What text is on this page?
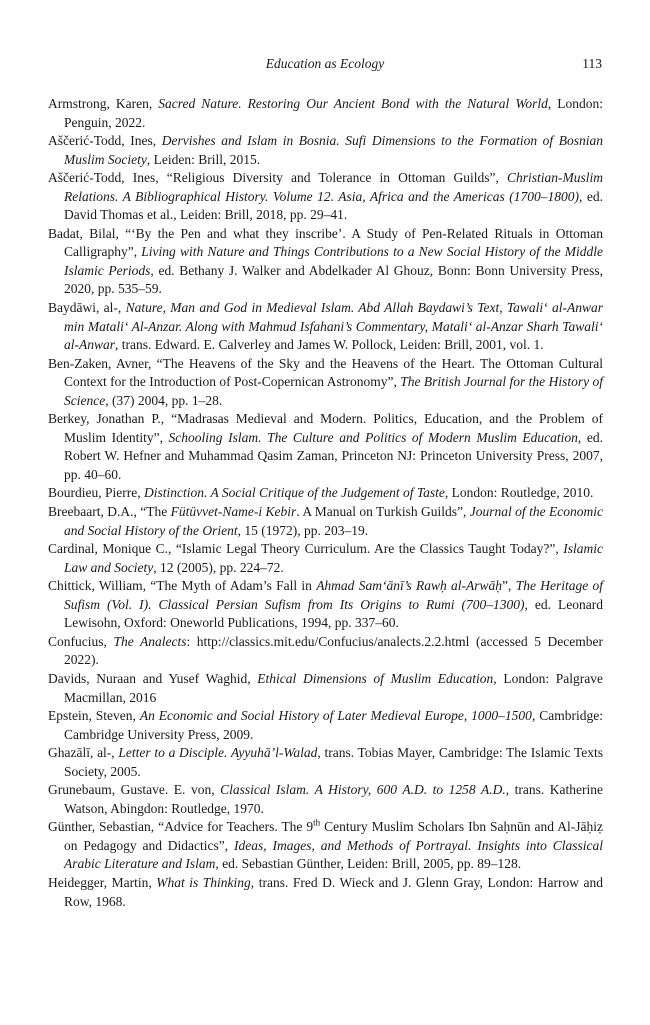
Education as Ecology	113

Armstrong, Karen, Sacred Nature. Restoring Our Ancient Bond with the Natural World, London: Penguin, 2022.

Aščerić-Todd, Ines, Dervishes and Islam in Bosnia. Sufi Dimensions to the Formation of Bosnian Muslim Society, Leiden: Brill, 2015.

Aščerić-Todd, Ines, “Religious Diversity and Tolerance in Ottoman Guilds”, Christian-Muslim Relations. A Bibliographical History. Volume 12. Asia, Africa and the Americas (1700–1800), ed. David Thomas et al., Leiden: Brill, 2018, pp. 29–41.

Badat, Bilal, “‘By the Pen and what they inscribe’. A Study of Pen-Related Rituals in Ottoman Calligraphy”, Living with Nature and Things Contributions to a New Social History of the Middle Islamic Periods, ed. Bethany J. Walker and Abdelkader Al Ghouz, Bonn: Bonn University Press, 2020, pp. 535–59.

Baydāwi, al-, Nature, Man and God in Medieval Islam. Abd Allah Baydawi’s Text, Tawali‘ al-Anwar min Matali‘ Al-Anzar. Along with Mahmud Isfahani’s Commentary, Matali‘ al-Anzar Sharh Tawali‘ al-Anwar, trans. Edward. E. Calverley and James W. Pollock, Leiden: Brill, 2001, vol. 1.

Ben-Zaken, Avner, “The Heavens of the Sky and the Heavens of the Heart. The Ottoman Cultural Context for the Introduction of Post-Copernican Astronomy”, The British Journal for the History of Science, (37) 2004, pp. 1–28.

Berkey, Jonathan P., “Madrasas Medieval and Modern. Politics, Education, and the Problem of Muslim Identity”, Schooling Islam. The Culture and Politics of Modern Muslim Education, ed. Robert W. Hefner and Muhammad Qasim Zaman, Princeton NJ: Princeton University Press, 2007, pp. 40–60.

Bourdieu, Pierre, Distinction. A Social Critique of the Judgement of Taste, London: Routledge, 2010.

Breebaart, D.A., “The Fütüvvet-Name-i Kebir. A Manual on Turkish Guilds”, Journal of the Economic and Social History of the Orient, 15 (1972), pp. 203–19.

Cardinal, Monique C., “Islamic Legal Theory Curriculum. Are the Classics Taught Today?”, Islamic Law and Society, 12 (2005), pp. 224–72.

Chittick, William, “The Myth of Adam’s Fall in Ahmad Sam‘ānī’s Rawḥ al-Arwāḥ”, The Heritage of Sufism (Vol. I). Classical Persian Sufism from Its Origins to Rumi (700–1300), ed. Leonard Lewisohn, Oxford: Oneworld Publications, 1994, pp. 337–60.

Confucius, The Analects: http://classics.mit.edu/Confucius/analects.2.2.html (accessed 5 December 2022).

Davids, Nuraan and Yusef Waghid, Ethical Dimensions of Muslim Education, London: Palgrave Macmillan, 2016

Epstein, Steven, An Economic and Social History of Later Medieval Europe, 1000–1500, Cambridge: Cambridge University Press, 2009.

Ghazālī, al-, Letter to a Disciple. Ayyuhā’l-Walad, trans. Tobias Mayer, Cambridge: The Islamic Texts Society, 2005.

Grunebaum, Gustave. E. von, Classical Islam. A History, 600 A.D. to 1258 A.D., trans. Katherine Watson, Abingdon: Routledge, 1970.

Günther, Sebastian, “Advice for Teachers. The 9th Century Muslim Scholars Ibn Saḥnūn and Al-Jāḥiẓ on Pedagogy and Didactics”, Ideas, Images, and Methods of Portrayal. Insights into Classical Arabic Literature and Islam, ed. Sebastian Günther, Leiden: Brill, 2005, pp. 89–128.

Heidegger, Martin, What is Thinking, trans. Fred D. Wieck and J. Glenn Gray, London: Harrow and Row, 1968.
